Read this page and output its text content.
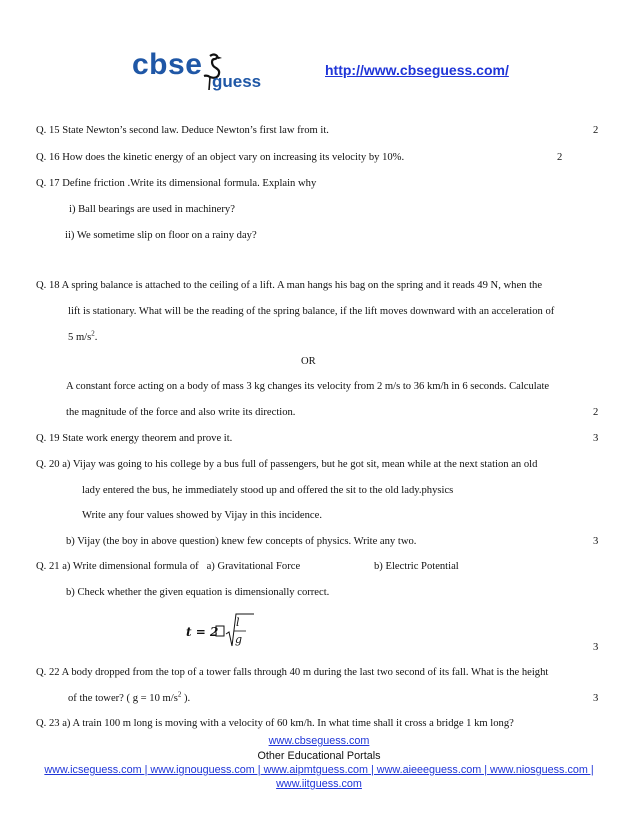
cbse
guess
http://www.cbseguess.com/
Q. 15 State Newton’s second law. Deduce Newton’s first law from it.	2
Q. 16 How does the kinetic energy of an object vary on increasing its velocity by 10%.	2
Q. 17 Define friction .Write its dimensional formula. Explain why
i) Ball bearings are used in machinery?
ii) We sometime slip on floor on a rainy day?
Q. 18 A spring balance is attached to the ceiling of a lift. A man hangs his bag on the spring and it reads 49 N, when the
lift is stationary. What will be the reading of the spring balance, if the lift moves downward with an acceleration of
5 $m/s^2$.
OR
A constant force acting on a body of mass 3 kg changes its velocity from 2 m/s to 36 km/h in 6 seconds. Calculate
the magnitude of the force and also write its direction.	2
Q. 19 State work energy theorem and prove it.	3
Q. 20 a) Vijay was going to his college by a bus full of passengers, but he got sit, mean while at the next station an old
lady entered the bus, he immediately stood up and offered the sit to the old lady.physics
Write any four values showed by Vijay in this incidence.
b) Vijay (the boy in above question) knew few concepts of physics. Write any two.	3
Q. 21 a) Write dimensional formula of a) Gravitational Force	b) Electric Potential
b) Check whether the given equation is dimensionally correct.
t = 2
l
g
3
Q. 22 A body dropped from the top of a tower falls through 40 m during the last two second of its fall. What is the height
of the tower? ( g = 10 $m/s^2$ ).	3
Q. 23 a) A train 100 m long is moving with a velocity of 60 km/h. In what time shall it cross a bridge 1 km long?
www.cbseguess.com
Other Educational Portals
www.icseguess.com | www.ignouguess.com | www.aipmtguess.com | www.aieeeguess.com | www.niosguess.com |
www.iitguess.com
